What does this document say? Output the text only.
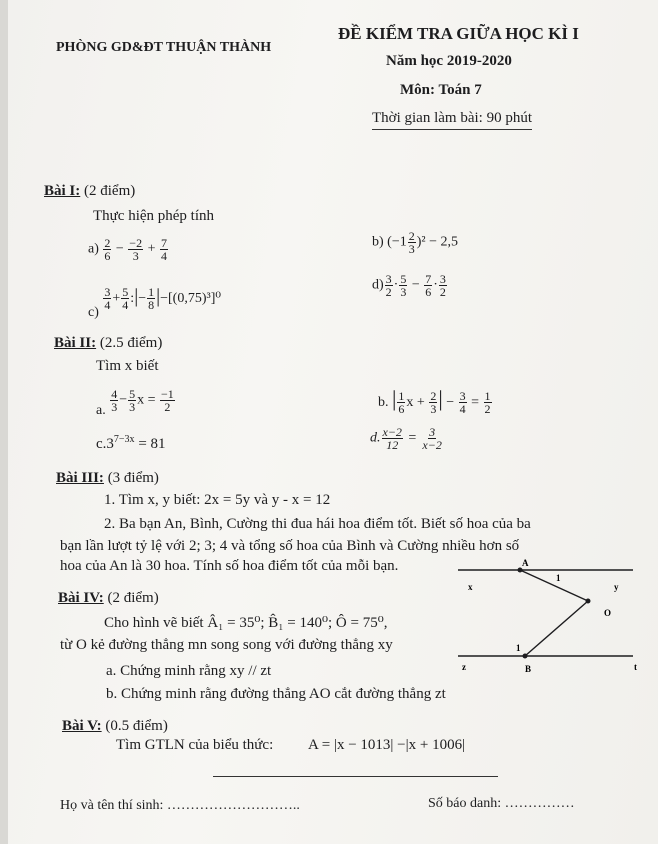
PHÒNG GD&ĐT THUẬN THÀNH
ĐỀ KIỂM TRA GIỮA HỌC KÌ I
Năm học 2019-2020
Môn: Toán 7
Thời gian làm bài: 90 phút
Bài I: (2 điểm)
Thực hiện phép tính
$a) \frac{2}{6} - \frac{-2}{3} + \frac{7}{4}$	b) $(-1 \frac{2}{3} )^2 - 2,5$
c)
$\frac{3}{4} + \frac{5}{4}$ :|− $\frac{1}{8} |-[(0,75)^3]^0$
$d) \frac{3}{2} \cdot \frac{5}{3} - \frac{7}{6} \cdot \frac{3}{2}$
Bài II: (2.5 điểm)
Tìm x biết
a. $\frac{4}{3} - \frac{5}{3}$ $x = \frac{-1}{2}$	b. | $\frac{1}{6}$ $x + \frac{2}{3}$ | − $\frac{3}{4} = \frac{1}{2}$
$c.3^{7-3x} = 81$	d. $\frac{x-2}{12} = \frac{3}{x-2}$
Bài III: (3 điểm)
1. Tìm x, y biết: 2x = 5y và y - x = 12
2. Ba bạn An, Bình, Cường thi đua hái hoa điểm tốt. Biết số hoa của ba
bạn lần lượt tỷ lệ với 2; 3; 4 và tổng số hoa của Bình và Cường nhiều hơn số
hoa của An là 30 hoa. Tính số hoa điểm tốt của mỗi bạn.
Bài IV: (2 điểm)
Cho hình vẽ biết Â₁ = 35⁰; B̂₁ = 140⁰; Ô = 75⁰,
từ O kẻ đường thẳng mn song song với đường thẳng xy
a. Chứng minh rằng xy // zt
b. Chứng minh rằng đường thẳng AO cắt đường thẳng zt
A
B
O
x	y
z	t
1
1
Bài V: (0.5 điểm)
Tìm GTLN của biểu thức: A = |x − 1013| −|x + 1006|
Họ và tên thí sinh: ………………………..	Số báo danh: ……………
